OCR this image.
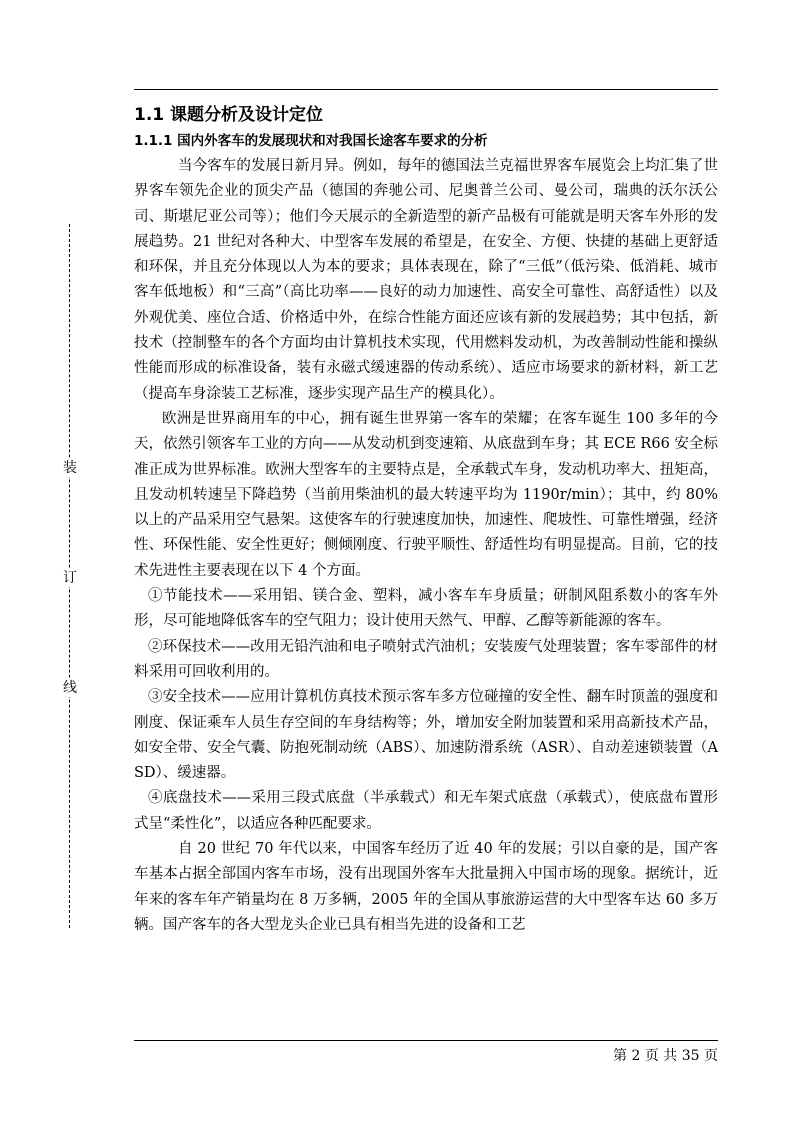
装
订
线
1.1 课题分析及设计定位
1.1.1 国内外客车的发展现状和对我国长途客车要求的分析

当今客车的发展日新月异。例如，每年的德国法兰克福世界客车展览会上均汇集了世界客车领先企业的顶尖产品（德国的奔驰公司、尼奥普兰公司、曼公司，瑞典的沃尔沃公司、斯堪尼亚公司等）；他们今天展示的全新造型的新产品极有可能就是明天客车外形的发展趋势。21 世纪对各种大、中型客车发展的希望是，在安全、方便、快捷的基础上更舒适和环保，并且充分体现以人为本的要求；具体表现在，除了“三低”（低污染、低消耗、城市客车低地板）和“三高”（高比功率——良好的动力加速性、高安全可靠性、高舒适性）以及外观优美、座位合适、价格适中外，在综合性能方面还应该有新的发展趋势；其中包括，新技术（控制整车的各个方面均由计算机技术实现，代用燃料发动机，为改善制动性能和操纵性能而形成的标准设备，装有永磁式缓速器的传动系统）、适应市场要求的新材料，新工艺（提高车身涂装工艺标准，逐步实现产品生产的模具化）。

欧洲是世界商用车的中心，拥有诞生世界第一客车的荣耀；在客车诞生 100 多年的今天，依然引领客车工业的方向——从发动机到变速箱、从底盘到车身；其 ECE R66 安全标准正成为世界标准。欧洲大型客车的主要特点是，全承载式车身，发动机功率大、扭矩高，且发动机转速呈下降趋势（当前用柴油机的最大转速平均为 1190r/min）；其中，约 80%以上的产品采用空气悬架。这使客车的行驶速度加快，加速性、爬坡性、可靠性增强，经济性、环保性能、安全性更好；侧倾刚度、行驶平顺性、舒适性均有明显提高。目前，它的技术先进性主要表现在以下 4 个方面。

①节能技术——采用铝、镁合金、塑料，减小客车车身质量；研制风阻系数小的客车外形，尽可能地降低客车的空气阻力；设计使用天然气、甲醇、乙醇等新能源的客车。

②环保技术——改用无铅汽油和电子喷射式汽油机；安装废气处理装置；客车零部件的材料采用可回收利用的。

③安全技术——应用计算机仿真技术预示客车多方位碰撞的安全性、翻车时顶盖的强度和刚度、保证乘车人员生存空间的车身结构等；外，增加安全附加装置和采用高新技术产品，如安全带、安全气囊、防抱死制动统（ABS）、加速防滑系统（ASR）、自动差速锁装置（ASD）、缓速器。

④底盘技术——采用三段式底盘（半承载式）和无车架式底盘（承载式），使底盘布置形式呈“柔性化”，以适应各种匹配要求。

自 20 世纪 70 年代以来，中国客车经历了近 40 年的发展；引以自豪的是，国产客车基本占据全部国内客车市场，没有出现国外客车大批量拥入中国市场的现象。据统计，近年来的客车年产销量均在 8 万多辆，2005 年的全国从事旅游运营的大中型客车达 60 多万辆。国产客车的各大型龙头企业已具有相当先进的设备和工艺

第 2 页 共 35 页
